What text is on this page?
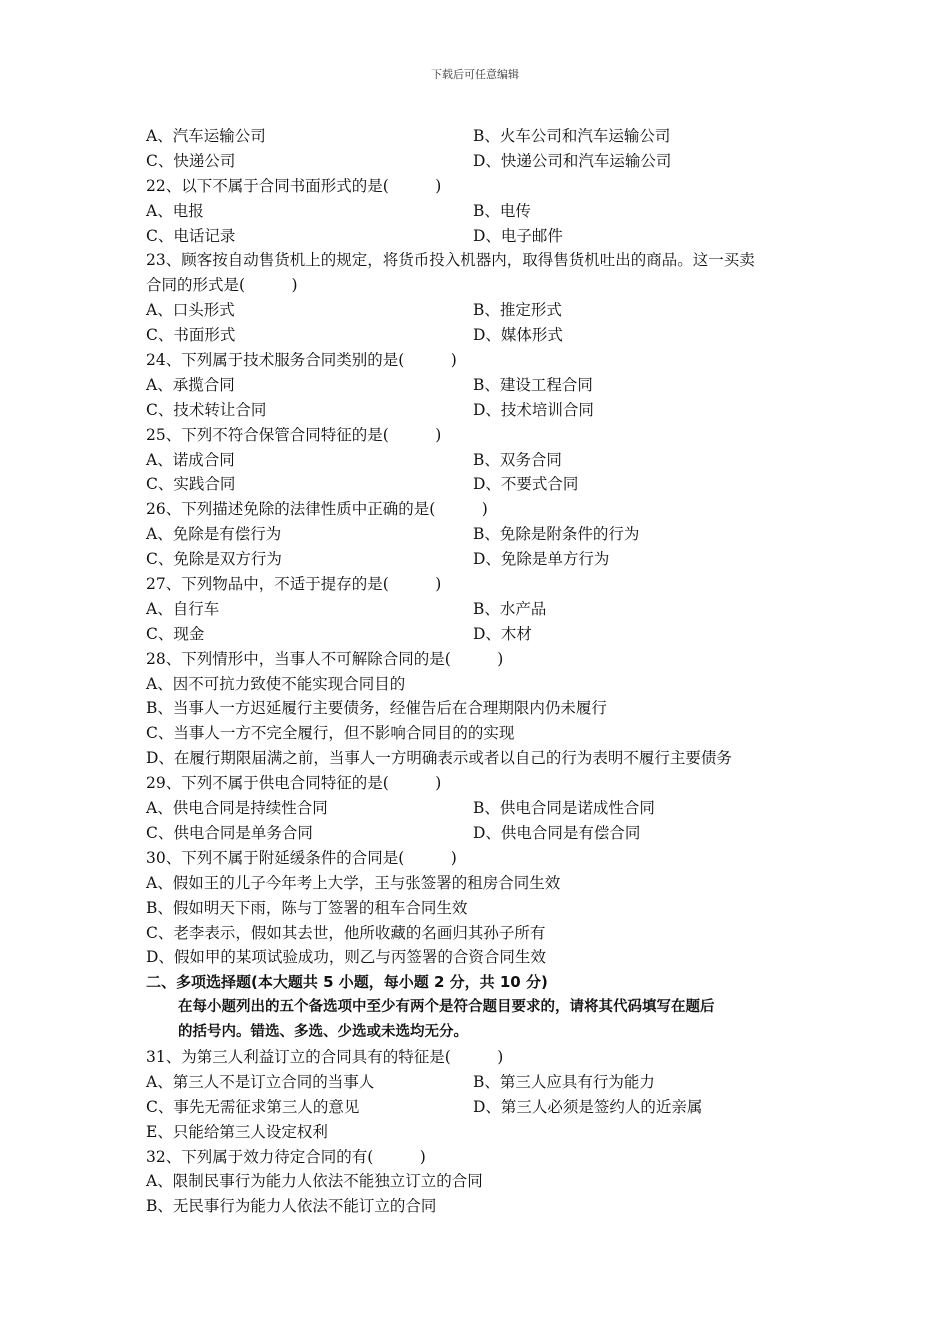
下载后可任意编辑
A、汽车运输公司	B、火车公司和汽车运输公司
C、快递公司	D、快递公司和汽车运输公司
22、以下不属于合同书面形式的是(　　　)
A、电报	B、电传
C、电话记录	D、电子邮件
23、顾客按自动售货机上的规定，将货币投入机器内，取得售货机吐出的商品。这一买卖
合同的形式是(　　　)
A、口头形式	B、推定形式
C、书面形式	D、媒体形式
24、下列属于技术服务合同类别的是(　　　)
A、承揽合同	B、建设工程合同
C、技术转让合同	D、技术培训合同
25、下列不符合保管合同特征的是(　　　)
A、诺成合同	B、双务合同
C、实践合同	D、不要式合同
26、下列描述免除的法律性质中正确的是(　　　)
A、免除是有偿行为	B、免除是附条件的行为
C、免除是双方行为	D、免除是单方行为
27、下列物品中，不适于提存的是(　　　)
A、自行车	B、水产品
C、现金	D、木材
28、下列情形中，当事人不可解除合同的是(　　　)
A、因不可抗力致使不能实现合同目的
B、当事人一方迟延履行主要债务，经催告后在合理期限内仍未履行
C、当事人一方不完全履行，但不影响合同目的的实现
D、在履行期限届满之前，当事人一方明确表示或者以自己的行为表明不履行主要债务
29、下列不属于供电合同特征的是(　　　)
A、供电合同是持续性合同	B、供电合同是诺成性合同
C、供电合同是单务合同	D、供电合同是有偿合同
30、下列不属于附延缓条件的合同是(　　　)
A、假如王的儿子今年考上大学，王与张签署的租房合同生效
B、假如明天下雨，陈与丁签署的租车合同生效
C、老李表示，假如其去世，他所收藏的名画归其孙子所有
D、假如甲的某项试验成功，则乙与丙签署的合资合同生效
二、多项选择题(本大题共 5 小题，每小题 2 分，共 10 分)
在每小题列出的五个备选项中至少有两个是符合题目要求的，请将其代码填写在题后
的括号内。错选、多选、少选或未选均无分。
31、为第三人利益订立的合同具有的特征是(　　　)
A、第三人不是订立合同的当事人	B、第三人应具有行为能力
C、事先无需征求第三人的意见	D、第三人必须是签约人的近亲属
E、只能给第三人设定权利
32、下列属于效力待定合同的有(　　　)
A、限制民事行为能力人依法不能独立订立的合同
B、无民事行为能力人依法不能订立的合同
